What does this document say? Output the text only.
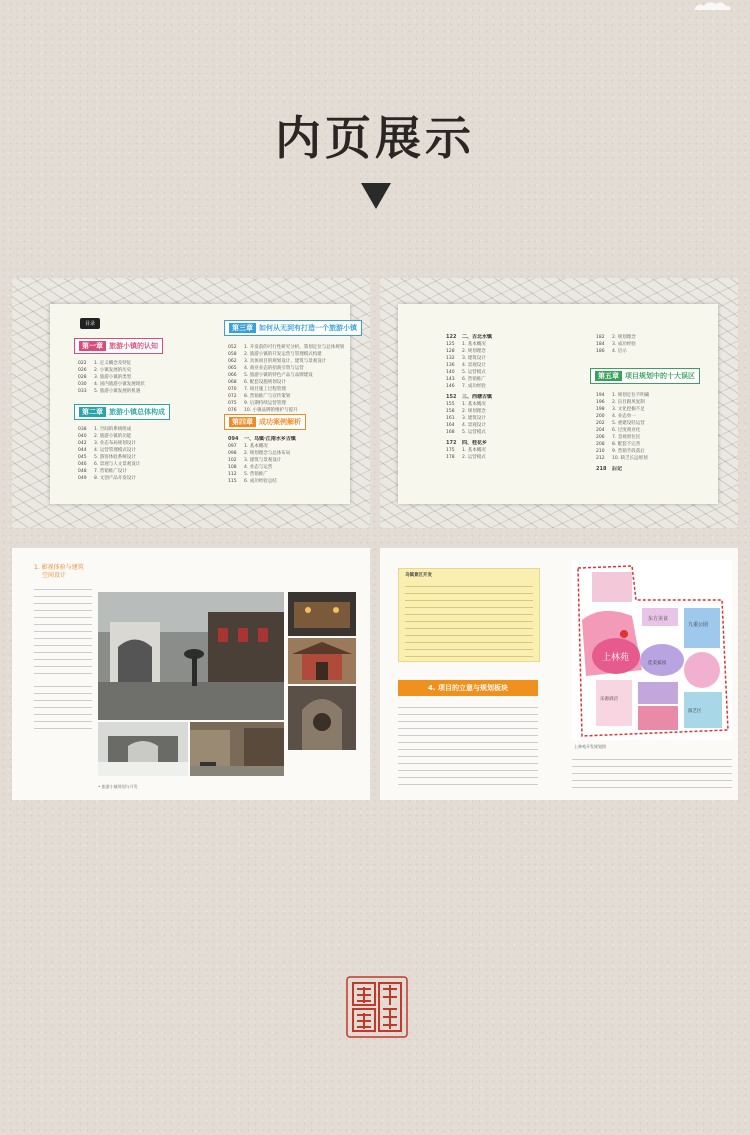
内页展示
目录
第一章 旅游小镇的认知
022 1. 定义概念及特征
026 2. 小镇发展的历史
028 3. 旅游小镇的类型
030 4. 国内旅游小镇发展现状
033 5. 旅游小镇发展的机遇
第二章 旅游小镇总体构成
038 1. 空间的系统组成
040 2. 旅游小镇的功能
042 3. 业态布局规划设计
044 4. 运营管理模式设计
045 5. 游客体验系统设计
046 6. 景观与人文景观设计
048 7. 营销推广设计
049 8. 文创产品开发设计
第三章 如何从无到有打造一个旅游小镇
052 1. 开发前的可行性研究分析、策划定位与总体规划
058 2. 旅游小镇的开发运营与管理模式构建
062 3. 具体项目的规划设计、建筑与景观设计
065 4. 商业业态的招商引资与运营
066 5. 旅游小镇的特色产品与品牌建设
068 6. 配套设施规划设计
070 7. 项目施工过程管理
072 8. 营销推广与宣传策划
075 9. 后期持续运营管理
076 10. 小镇品牌的维护与提升
第四章 成功案例解析
094 一、乌镇·江南水乡古镇
097 1. 基本概况
098 2. 规划理念与总体布局
102 3. 建筑与景观设计
108 4. 业态与运营
112 5. 营销推广
115 6. 成功经验总结
122 二、古北水镇
125 1. 基本概况
128 2. 规划理念
132 3. 建筑设计
136 4. 景观设计
140 5. 运营模式
143 6. 营销推广
146 7. 成功经验
152 三、西塘古镇
155 1. 基本概况
158 2. 规划理念
161 3. 建筑设计
164 4. 景观设计
168 5. 运营模式
172 四、桂花乡
175 1. 基本概况
178 2. 运营模式
182 2. 规划理念
184 3. 成功经验
186 4. 启示
第五章 项目规划中的十大误区
194 1. 规划定位不明确
196 2. 盲目跟风复制
198 3. 文化挖掘不足
200 4. 业态单一
202 5. 重建设轻运营
204 6. 过度商业化
206 7. 忽视原住民
208 8. 配套不完善
210 9. 营销手段落后
212 10. 缺乏长远规划
218 后记
1. 影视体验与建筑
空间设计
• 旅游小镇规划与开发
乌镇景区开发
4. 项目的立意与规划板块
上林苑
东方美食
乐源酒店
九重公园
佳美家园
演艺区
上林苑开发规划图
